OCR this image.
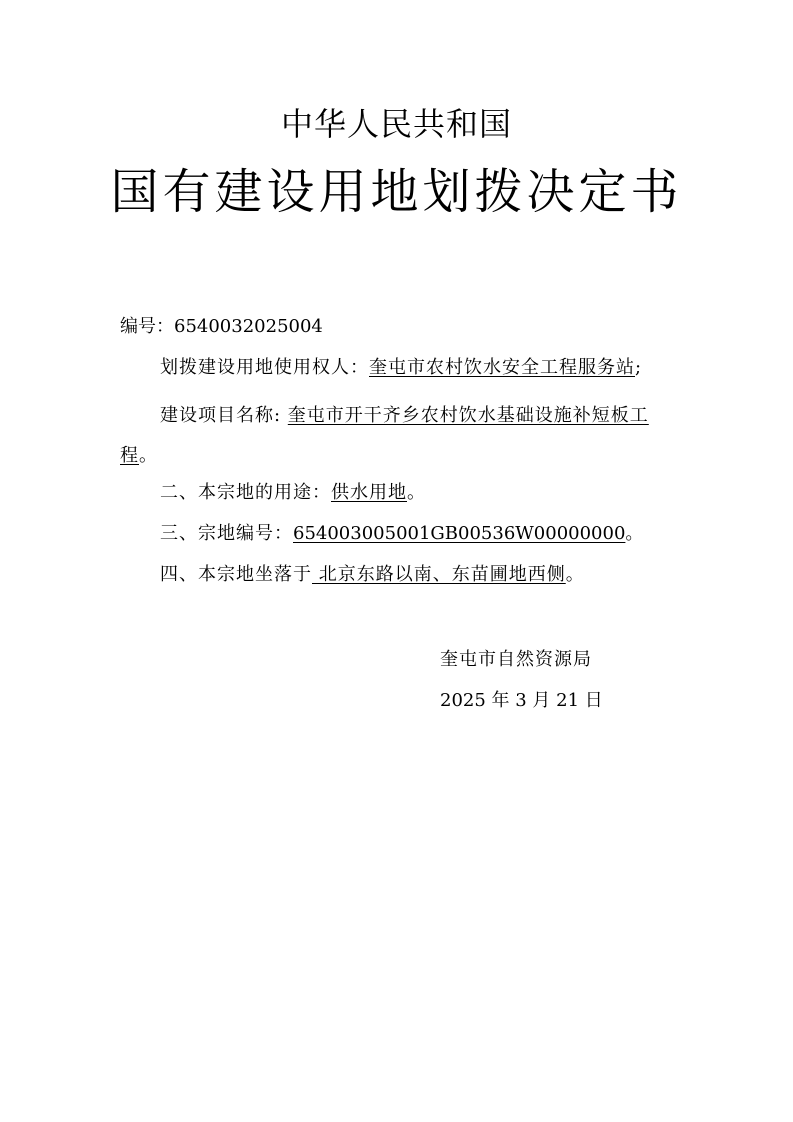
中华人民共和国
国有建设用地划拨决定书
编号：6540032025004
划拨建设用地使用权人：奎屯市农村饮水安全工程服务站;
建设项目名称: 奎屯市开干齐乡农村饮水基础设施补短板工程。
二、本宗地的用途：供水用地。
三、宗地编号：654003005001GB00536W00000000。
四、本宗地坐落于 北京东路以南、东苗圃地西侧。
奎屯市自然资源局
2025 年 3 月 21 日
